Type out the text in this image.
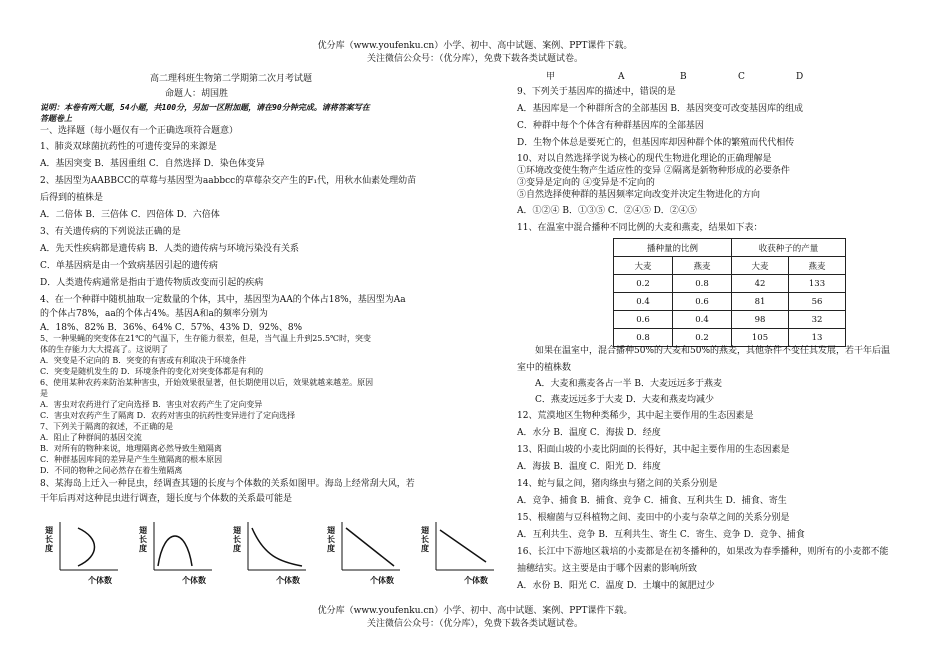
优分库（www.youfenku.cn）小学、初中、高中试题、案例、PPT课件下载。
关注微信公众号：（优分库），免费下载各类试题试卷。
高二理科班生物第二学期第二次月考试题
命题人：胡国胜
说明：本卷有两大题，54小题，共100分，另加一区附加题，请在90分钟完成。请将答案写在
答题卷上
一、选择题（每小题仅有一个正确选项符合题意）
1、肺炎双球菌抗药性的可遗传变异的来源是
A．基因突变 B．基因重组 C．自然选择 D．染色体变异
2、基因型为AABBCC的草莓与基因型为aabbcc的草莓杂交产生的F₁代，用秋水仙素处理幼苗
后得到的植株是
A．二倍体 B．三倍体 C．四倍体 D．六倍体
3、有关遗传病的下列说法正确的是
A．先天性疾病都是遗传病 B．人类的遗传病与环境污染没有关系
C．单基因病是由一个致病基因引起的遗传病
D．人类遗传病通常是指由于遗传物质改变而引起的疾病
4、在一个种群中随机抽取一定数量的个体，其中，基因型为AA的个体占18%，基因型为Aa
的个体占78%，aa的个体占4%。基因A和a的频率分别为
A．18%、82% B．36%、64% C．57%、43% D．92%、8%
5、一种果蝇的突变体在21℃的气温下，生存能力很差，但是，当气温上升到25.5℃时，突变
体的生存能力大大提高了。这说明了
A．突变是不定向的 B．突变的有害或有利取决于环境条件
C．突变是随机发生的 D．环境条件的变化对突变体都是有利的
6、使用某种农药来防治某种害虫，开始效果很显著，但长期使用以后，效果就越来越差。原因
是
A．害虫对农药进行了定向选择 B．害虫对农药产生了定向变异
C．害虫对农药产生了隔离 D．农药对害虫的抗药性变异进行了定向选择
7、下列关于隔离的叙述，不正确的是
A．阻止了种群间的基因交流
B．对所有的物种来说，地理隔离必然导致生殖隔离
C．种群基因库间的差异是产生生殖隔离的根本原因
D．不同的物种之间必然存在着生殖隔离
8、某海岛上迁入一种昆虫，经调查其翅的长度与个体数的关系如图甲。海岛上经常刮大风，若
干年后再对这种昆虫进行调查，翅长度与个体数的关系最可能是
翅长度
个体数
翅长度
个体数
翅长度
个体数
翅长度
个体数
翅长度
个体数
甲	A	B	C	D
9、下列关于基因库的描述中，错误的是
A．基因库是一个种群所含的全部基因 B．基因突变可改变基因库的组成
C．种群中每个个体含有种群基因库的全部基因
D．生物个体总是要死亡的，但基因库却因种群个体的繁殖而代代相传
10、对以自然选择学说为核心的现代生物进化理论的正确理解是
①环境改变使生物产生适应性的变异 ②隔离是新物种形成的必要条件
③变异是定向的 ④变异是不定向的
⑤自然选择使种群的基因频率定向改变并决定生物进化的方向
A．①②④ B．①③⑤ C．②④⑤ D．②④⑤
11、在温室中混合播种不同比例的大麦和燕麦，结果如下表：
播种量的比例		收获种子的产量	
大麦	燕麦	大麦	燕麦
0.2	0.8	42	133
0.4	0.6	81	56
0.6	0.4	98	32
0.8	0.2	105	13
如果在温室中，混合播种50%的大麦和50%的燕麦，其他条件不变任其发展，若干年后温
室中的植株数
A．大麦和燕麦各占一半 B．大麦远远多于燕麦
C．燕麦远远多于大麦 D．大麦和燕麦均减少
12、荒漠地区生物种类稀少，其中起主要作用的生态因素是
A．水分 B．温度 C．海拔 D．经度
13、阳面山坡的小麦比阴面的长得好，其中起主要作用的生态因素是
A．海拔 B．温度 C．阳光 D．纬度
14、蛇与鼠之间，猪肉绦虫与猪之间的关系分别是
A．竞争、捕食 B．捕食、竞争 C．捕食、互利共生 D．捕食、寄生
15、根瘤菌与豆科植物之间、麦田中的小麦与杂草之间的关系分别是
A．互利共生、竞争 B．互利共生、寄生 C．寄生、竞争 D．竞争、捕食
16、长江中下游地区栽培的小麦都是在初冬播种的，如果改为春季播种，则所有的小麦都不能
抽穗结实。这主要是由于哪个因素的影响所致
A．水份 B．阳光 C．温度 D．土壤中的氮肥过少
优分库（www.youfenku.cn）小学、初中、高中试题、案例、PPT课件下载。
关注微信公众号：（优分库），免费下载各类试题试卷。
